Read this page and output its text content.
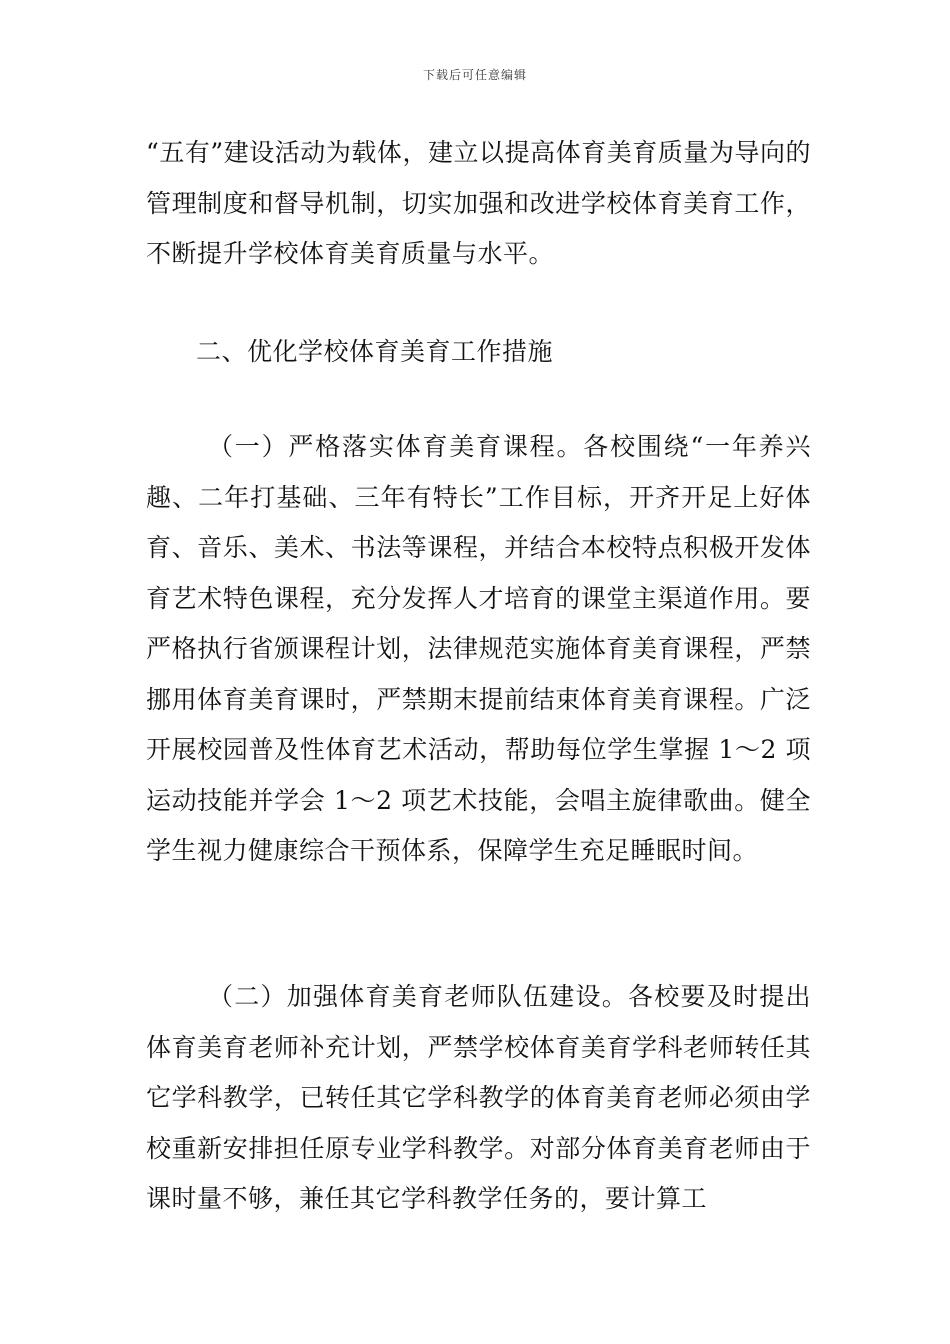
下载后可任意编辑
“五有”建设活动为载体，建立以提高体育美育质量为导向的管理制度和督导机制，切实加强和改进学校体育美育工作，不断提升学校体育美育质量与水平。
二、优化学校体育美育工作措施
（一）严格落实体育美育课程。各校围绕“一年养兴趣、二年打基础、三年有特长”工作目标，开齐开足上好体育、音乐、美术、书法等课程，并结合本校特点积极开发体育艺术特色课程，充分发挥人才培育的课堂主渠道作用。要严格执行省颁课程计划，法律规范实施体育美育课程，严禁挪用体育美育课时，严禁期末提前结束体育美育课程。广泛开展校园普及性体育艺术活动，帮助每位学生掌握 1～2 项运动技能并学会 1～2 项艺术技能，会唱主旋律歌曲。健全学生视力健康综合干预体系，保障学生充足睡眠时间。
（二）加强体育美育老师队伍建设。各校要及时提出体育美育老师补充计划，严禁学校体育美育学科老师转任其它学科教学，已转任其它学科教学的体育美育老师必须由学校重新安排担任原专业学科教学。对部分体育美育老师由于课时量不够，兼任其它学科教学任务的，要计算工
